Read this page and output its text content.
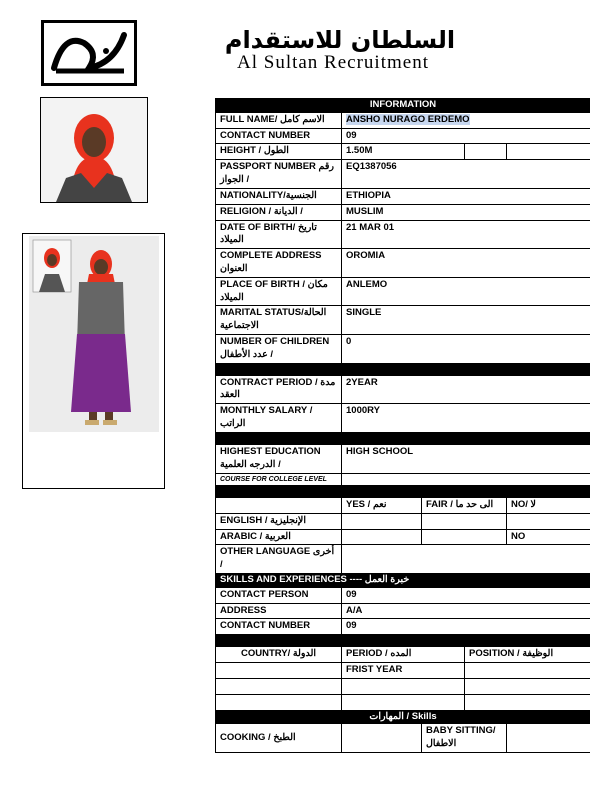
السلطان للاستقدام
Al Sultan Recruitment
INFORMATION				
FULL NAME/ الاسم كامل	ANSHO NURAGO ERDEMO			
CONTACT NUMBER	09			
HEIGHT / الطول	1.50M			
PASSPORT NUMBER رقم الجواز /	EQ1387056			
NATIONALITY/الجنسية	ETHIOPIA			
RELIGION / الديانة /	MUSLIM			
DATE OF BIRTH/ تاريخ الميلاد	21 MAR 01			
COMPLETE ADDRESS العنوان	OROMIA			
PLACE OF BIRTH / مكان الميلاد	ANLEMO			
MARITAL STATUS/الحالة الاجتماعية	SINGLE			
NUMBER OF CHILDREN عدد الأطفال /	0			

CONTRACT PERIOD / مدة العقد	2YEAR			
MONTHLY SALARY / الراتب	1000RY			

HIGHEST EDUCATION الدرجه العلمية /	HIGH SCHOOL			
COURSE FOR COLLEGE LEVEL				

	YES / نعم	FAIR / الى حد ما		NO/ لا
ENGLISH / الإنجليزية				
ARABIC / العربية				NO
OTHER LANGUAGE أخرى /				
SKILLS AND EXPERIENCES ---- خبرة العمل				
CONTACT PERSON	09			
ADDRESS	A/A			
CONTACT NUMBER	09			

COUNTRY/ الدولة	PERIOD / المده		POSITION / الوظيفة	
	FRIST YEAR			

المهارات / Skills				
COOKING / الطبخ		BABY SITTING/ الاطفال		
